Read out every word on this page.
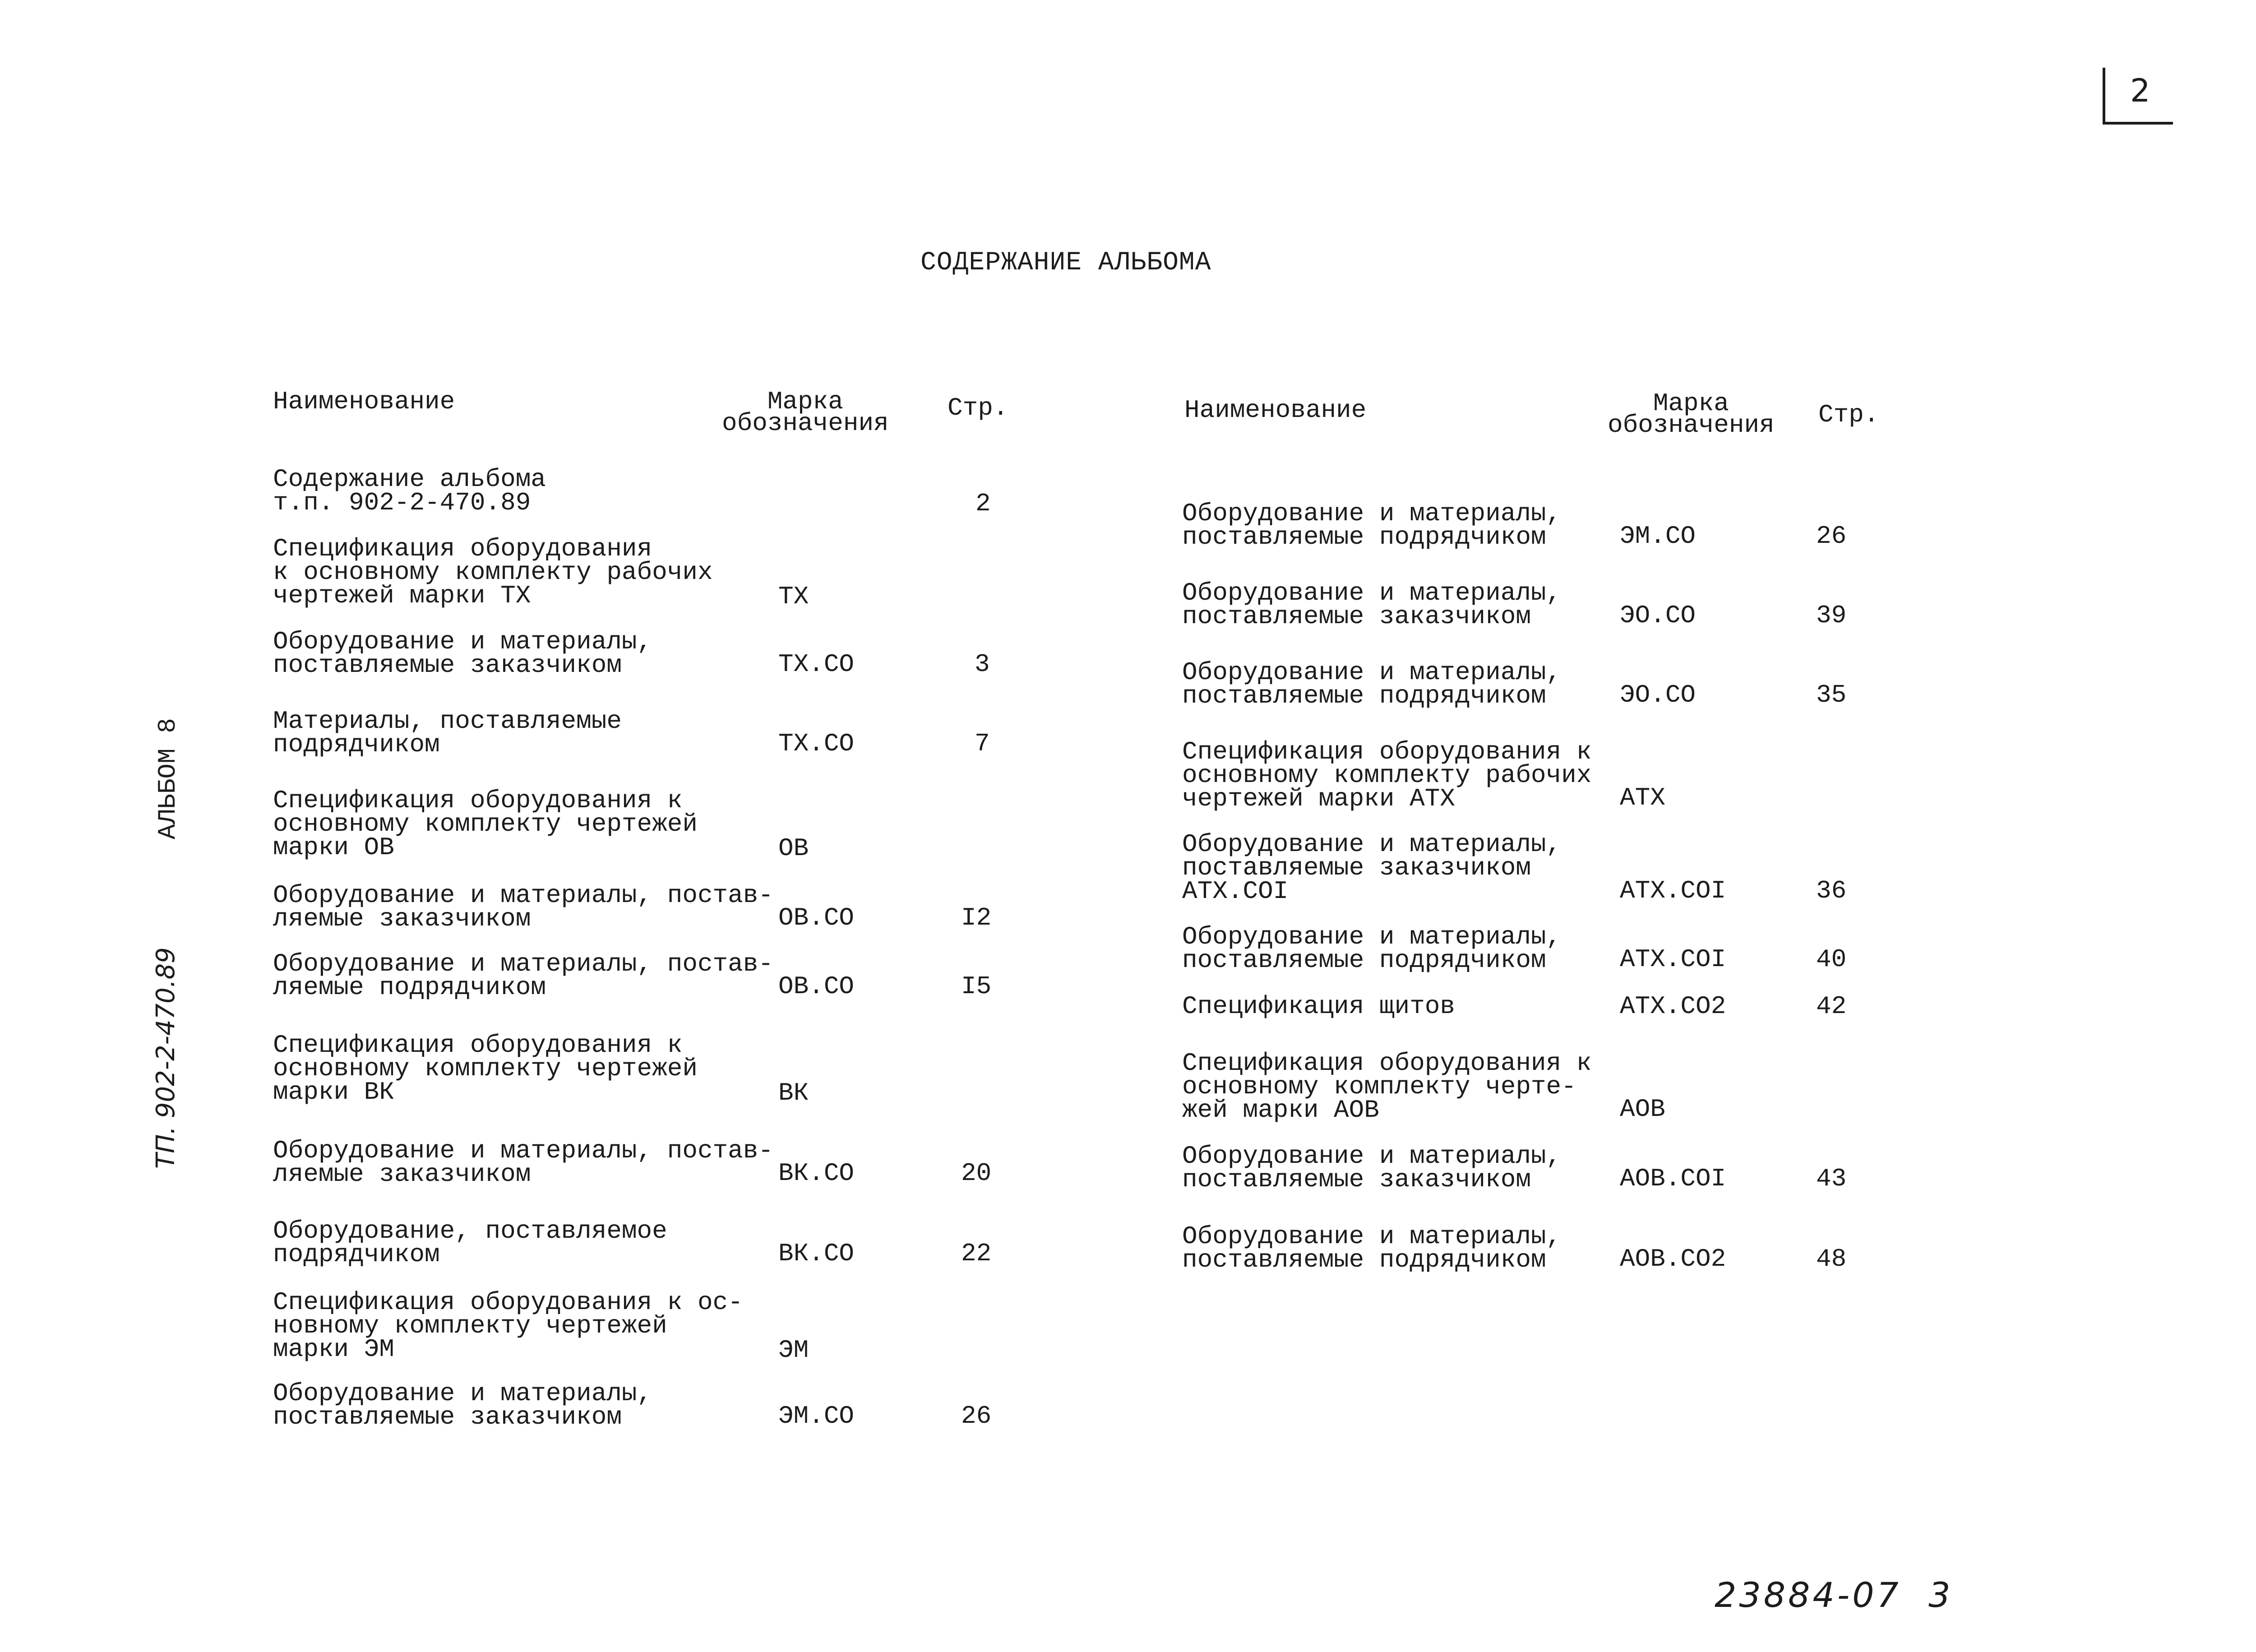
2
СОДЕРЖАНИЕ АЛЬБОМА
АЛЬБОМ 8
ТП. 902-2-470.89
Наименование	Марка
обозначения
Стр.	Наименование	Марка
обозначения Стр.
Содержание альбома
т.п. 902-2-470.89	2
Спецификация оборудования
к основному комплекту рабочих
чертежей марки ТХ	ТХ
Оборудование и материалы,
поставляемые заказчиком	ТХ.СО	3
Материалы, поставляемые
подрядчиком	ТХ.СО	7
Спецификация оборудования к
основному комплекту чертежей
марки ОВ	ОВ
Оборудование и материалы, постав-
ляемые заказчиком	ОВ.СО	I2
Оборудование и материалы, постав-
ляемые подрядчиком	ОВ.СО	I5
Спецификация оборудования к
основному комплекту чертежей
марки ВК	ВК
Оборудование и материалы, постав-
ляемые заказчиком	ВК.СО	20
Оборудование, поставляемое
подрядчиком	ВК.СО	22
Спецификация оборудования к ос-
новному комплекту чертежей
марки ЭМ	ЭМ
Оборудование и материалы,
поставляемые заказчиком	ЭМ.СО	26
Оборудование и материалы,
поставляемые подрядчиком	ЭМ.СО	26
Оборудование и материалы,
поставляемые заказчиком	ЭО.СО	39
Оборудование и материалы,
поставляемые подрядчиком	ЭО.СО	35
Спецификация оборудования к
основному комплекту рабочих
чертежей марки АТХ	АТХ
Оборудование и материалы,
поставляемые заказчиком
АТХ.СОI	АТХ.СОI	36
Оборудование и материалы,
поставляемые подрядчиком	АТХ.СОI	40
Спецификация щитов	АТХ.СО2	42
Спецификация оборудования к
основному комплекту черте-
жей марки АОВ	АОВ
Оборудование и материалы,
поставляемые заказчиком	АОВ.СОI	43
Оборудование и материалы,
поставляемые подрядчиком	АОВ.СО2	48
23884-07 3
